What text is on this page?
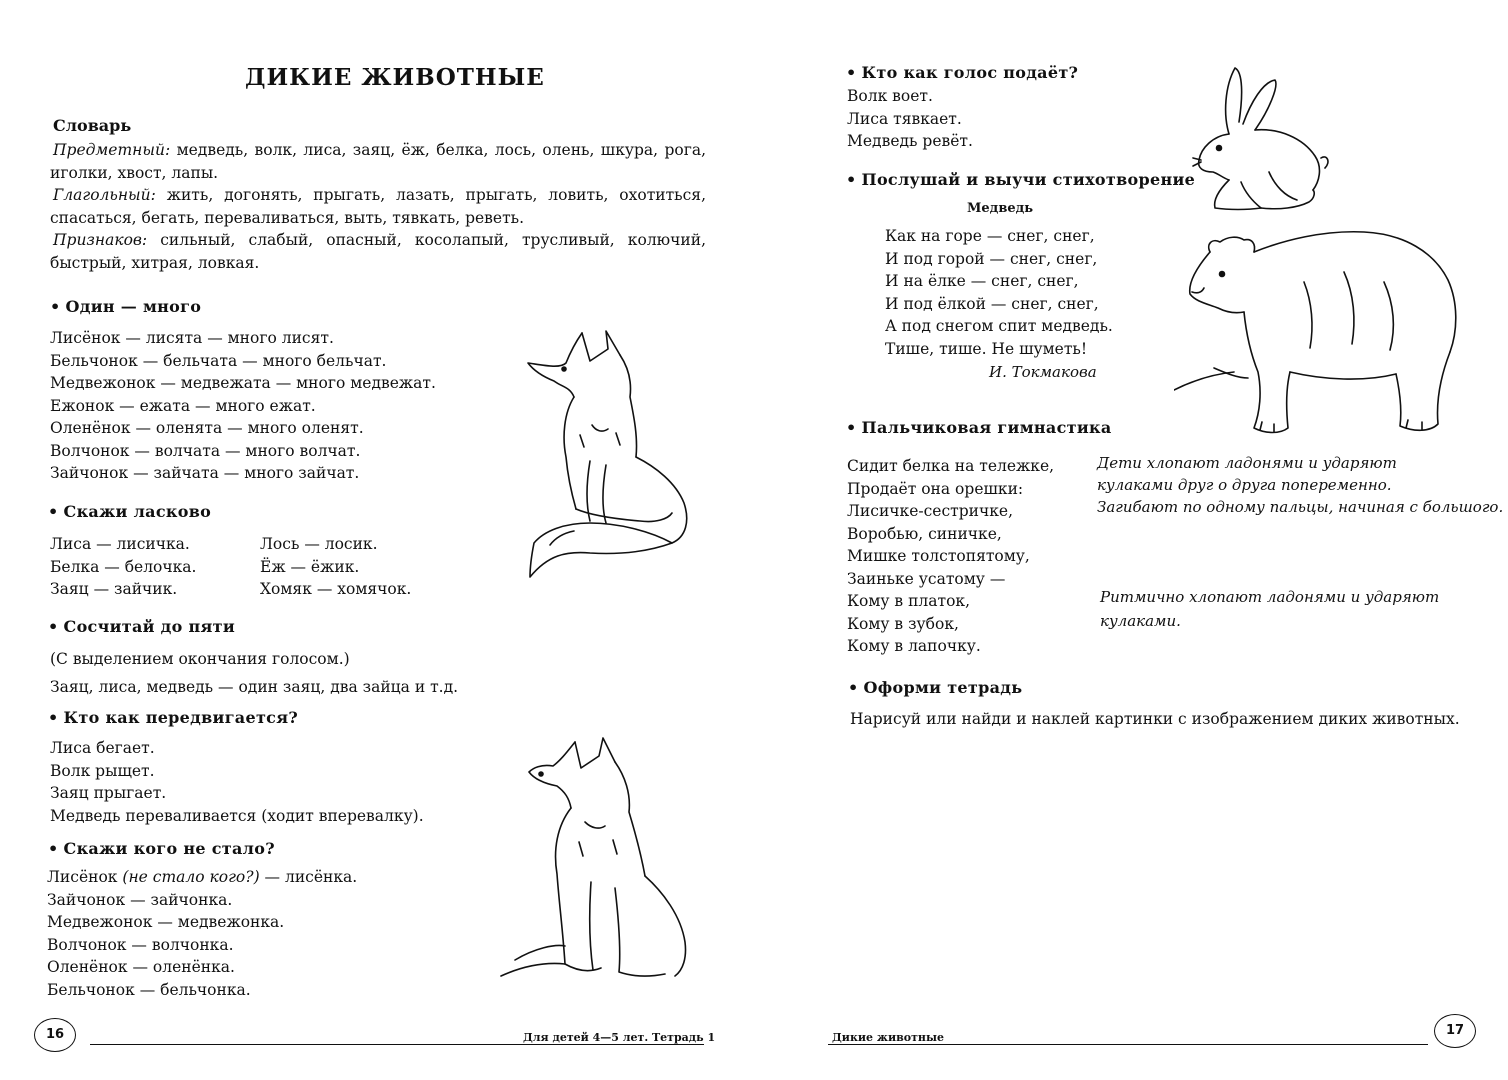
ДИКИЕ ЖИВОТНЫЕ
Словарь
Предметный: медведь, волк, лиса, заяц, ёж, белка, лось, олень, шкура, рога, иголки, хвост, лапы.
Глагольный: жить, догонять, прыгать, лазать, прыгать, ловить, охотиться, спасаться, бегать, переваливаться, выть, тявкать, реветь.
Признаков: сильный, слабый, опасный, косолапый, трусливый, колючий, быстрый, хитрая, ловкая.
• Один — много
Лисёнок — лисята — много лисят.
Бельчонок — бельчата — много бельчат.
Медвежонок — медвежата — много медвежат.
Ежонок — ежата — много ежат.
Оленёнок — оленята — много оленят.
Волчонок — волчата — много волчат.
Зайчонок — зайчата — много зайчат.
• Скажи ласково
Лиса — лисичка.
Белка — белочка.
Заяц — зайчик.
Лось — лосик.
Ёж — ёжик.
Хомяк — хомячок.
• Сосчитай до пяти
(С выделением окончания голосом.)
Заяц, лиса, медведь — один заяц, два зайца и т.д.
• Кто как передвигается?
Лиса бегает.
Волк рыщет.
Заяц прыгает.
Медведь переваливается (ходит вперевалку).
• Скажи кого не стало?
Лисёнок (не стало кого?) — лисёнка.
Зайчонок — зайчонка.
Медвежонок — медвежонка.
Волчонок — волчонка.
Оленёнок — оленёнка.
Бельчонок — бельчонка.
16	Для детей 4—5 лет. Тетрадь 1
• Кто как голос подаёт?
Волк воет.
Лиса тявкает.
Медведь ревёт.
• Послушай и выучи стихотворение
Медведь
Как на горе — снег, снег,
И под горой — снег, снег,
И на ёлке — снег, снег,
И под ёлкой — снег, снег,
А под снегом спит медведь.
Тише, тише. Не шуметь!
И. Токмакова
• Пальчиковая гимнастика
Сидит белка на тележке,
Продаёт она орешки:
Лисичке-сестричке,
Воробью, синичке,
Мишке толстопятому,
Заиньке усатому —
Кому в платок,
Кому в зубок,
Кому в лапочку.
Дети хлопают ладонями и ударяют
кулаками друг о друга попеременно.
Загибают по одному пальцы, начиная с большого.
Ритмично хлопают ладонями и ударяют
кулаками.
• Оформи тетрадь
Нарисуй или найди и наклей картинки с изображением диких животных.
Дикие животные	17
